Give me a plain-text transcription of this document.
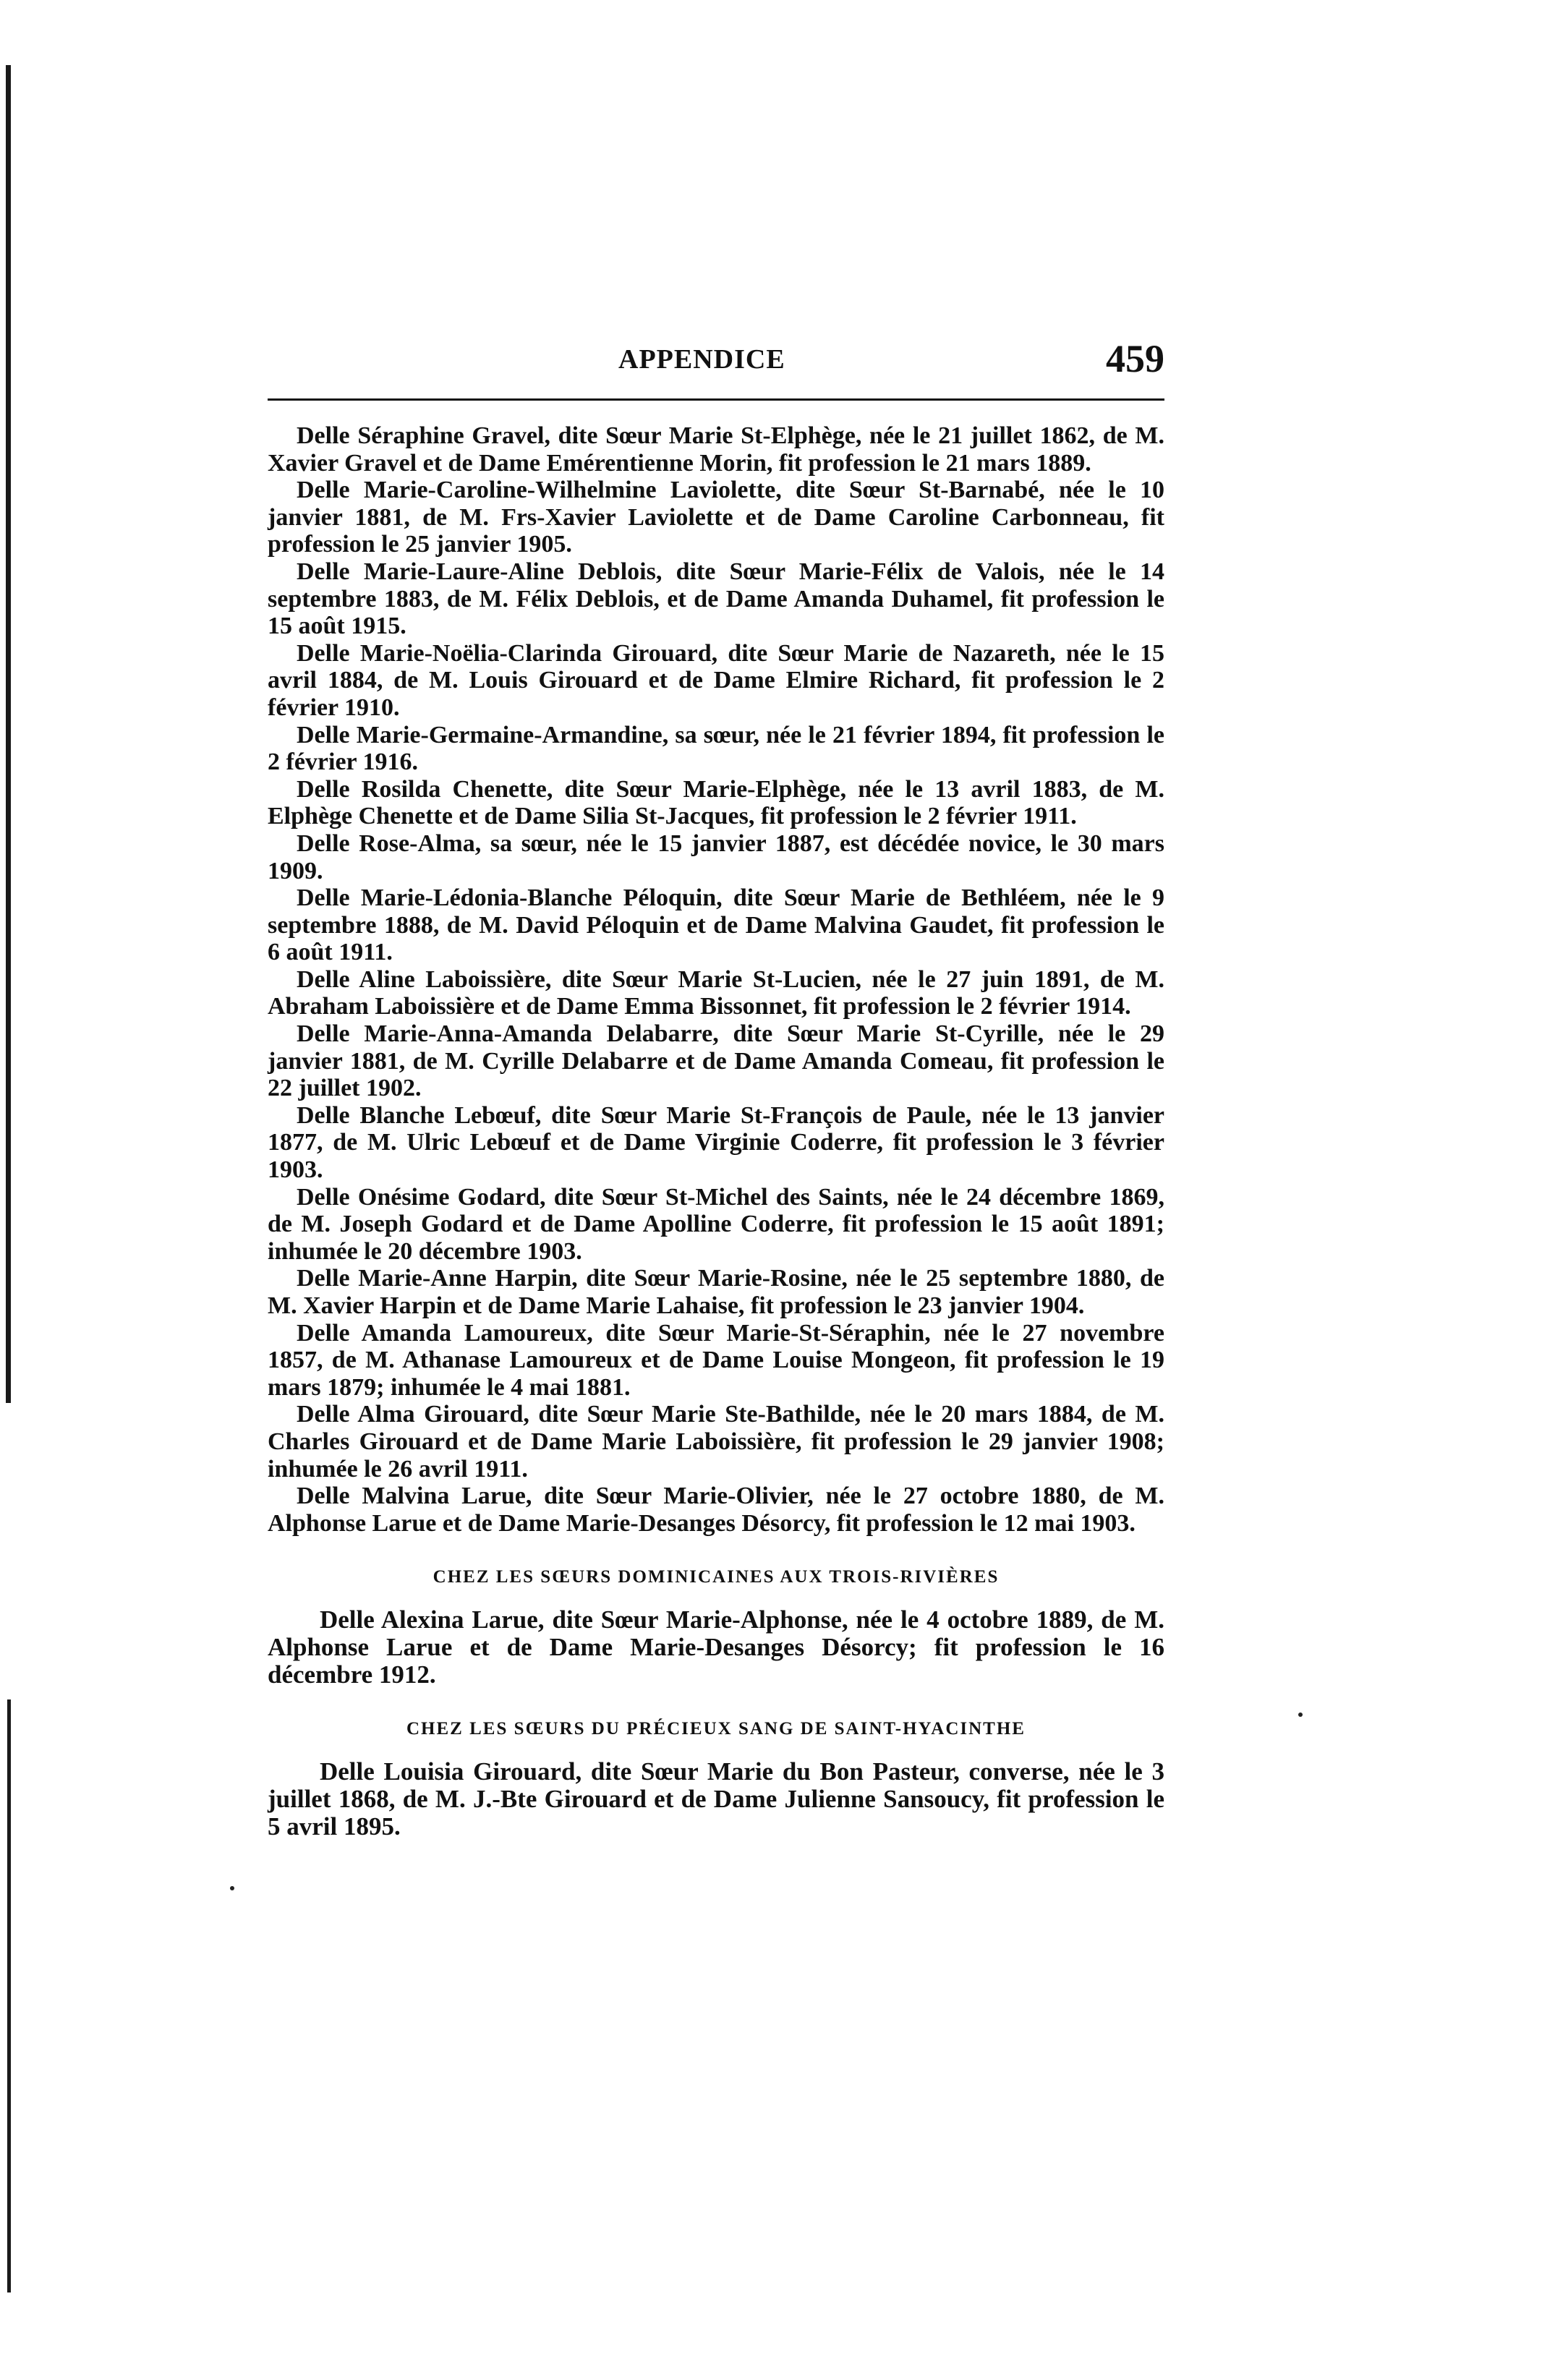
APPENDICE	459

Delle Séraphine Gravel, dite Sœur Marie St-Elphège, née le 21 juillet 1862, de M. Xavier Gravel et de Dame Emérentienne Morin, fit profession le 21 mars 1889.

Delle Marie-Caroline-Wilhelmine Laviolette, dite Sœur St-Barnabé, née le 10 janvier 1881, de M. Frs-Xavier Laviolette et de Dame Caroline Carbonneau, fit profession le 25 janvier 1905.

Delle Marie-Laure-Aline Deblois, dite Sœur Marie-Félix de Valois, née le 14 septembre 1883, de M. Félix Deblois, et de Dame Amanda Duhamel, fit profession le 15 août 1915.

Delle Marie-Noëlia-Clarinda Girouard, dite Sœur Marie de Nazareth, née le 15 avril 1884, de M. Louis Girouard et de Dame Elmire Richard, fit profession le 2 février 1910.

Delle Marie-Germaine-Armandine, sa sœur, née le 21 février 1894, fit profession le 2 février 1916.

Delle Rosilda Chenette, dite Sœur Marie-Elphège, née le 13 avril 1883, de M. Elphège Chenette et de Dame Silia St-Jacques, fit profession le 2 février 1911.

Delle Rose-Alma, sa sœur, née le 15 janvier 1887, est décédée novice, le 30 mars 1909.

Delle Marie-Lédonia-Blanche Péloquin, dite Sœur Marie de Bethléem, née le 9 septembre 1888, de M. David Péloquin et de Dame Malvina Gaudet, fit profession le 6 août 1911.

Delle Aline Laboissière, dite Sœur Marie St-Lucien, née le 27 juin 1891, de M. Abraham Laboissière et de Dame Emma Bissonnet, fit profession le 2 février 1914.

Delle Marie-Anna-Amanda Delabarre, dite Sœur Marie St-Cyrille, née le 29 janvier 1881, de M. Cyrille Delabarre et de Dame Amanda Comeau, fit profession le 22 juillet 1902.

Delle Blanche Lebœuf, dite Sœur Marie St-François de Paule, née le 13 janvier 1877, de M. Ulric Lebœuf et de Dame Virginie Coderre, fit profession le 3 février 1903.

Delle Onésime Godard, dite Sœur St-Michel des Saints, née le 24 décembre 1869, de M. Joseph Godard et de Dame Apolline Coderre, fit profession le 15 août 1891; inhumée le 20 décembre 1903.

Delle Marie-Anne Harpin, dite Sœur Marie-Rosine, née le 25 septembre 1880, de M. Xavier Harpin et de Dame Marie Lahaise, fit profession le 23 janvier 1904.

Delle Amanda Lamoureux, dite Sœur Marie-St-Séraphin, née le 27 novembre 1857, de M. Athanase Lamoureux et de Dame Louise Mongeon, fit profession le 19 mars 1879; inhumée le 4 mai 1881.

Delle Alma Girouard, dite Sœur Marie Ste-Bathilde, née le 20 mars 1884, de M. Charles Girouard et de Dame Marie Laboissière, fit profession le 29 janvier 1908; inhumée le 26 avril 1911.

Delle Malvina Larue, dite Sœur Marie-Olivier, née le 27 octobre 1880, de M. Alphonse Larue et de Dame Marie-Desanges Désorcy, fit profession le 12 mai 1903.

CHEZ LES SŒURS DOMINICAINES AUX TROIS-RIVIÈRES

Delle Alexina Larue, dite Sœur Marie-Alphonse, née le 4 octobre 1889, de M. Alphonse Larue et de Dame Marie-Desanges Désorcy; fit profession le 16 décembre 1912.

CHEZ LES SŒURS DU PRÉCIEUX SANG DE SAINT-HYACINTHE

Delle Louisia Girouard, dite Sœur Marie du Bon Pasteur, converse, née le 3 juillet 1868, de M. J.-Bte Girouard et de Dame Julienne Sansoucy, fit profession le 5 avril 1895.
